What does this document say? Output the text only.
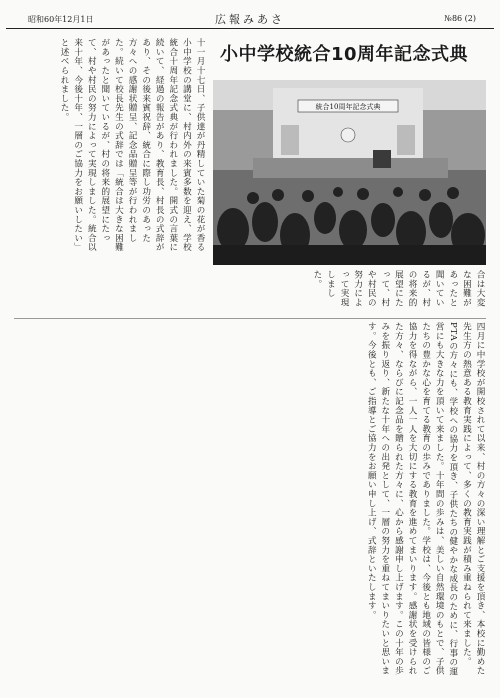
昭和60年12月1日	広報みあさ	№86 (2)
小中学校統合10周年記念式典
統合10周年記念式典
十一月十七日、子供達が丹精していた菊の花が香る小中学校の講堂に、村内外の来賓多数を迎え、学校統合十周年記念式典が行われました。開式の言葉に続いて、経過の報告があり、教育長、村長の式辞があり、その後来賓祝辞、統合に際し功労のあった方々への感謝状贈呈、記念品贈呈等が行われました。続いて校長先生の式辞では「統合は大きな困難があったと聞いているが、村の将来的展望にたって、村や村民の努力によって実現しました。統合以来十年、今後十年、一層のご協力をお願いしたい」と述べられました。
合は大変な困難があったと聞いているが、村の将来的展望にたって、村や村民の努力によって実現しました。
四月に中学校が開校されて以来、村の方々の深い理解とご支援を頂き、本校に勤めた先生方の熱意ある教育実践によって、多くの教育実践が積み重ねられて来ました。PTAの方々にも、学校への協力を頂き、子供たちの健やかな成長のために、行事の運営にも大きな力を頂いて来ました。十年間の歩みは、美しい自然環境のもとで、子供たちの豊かな心を育てる教育の歩みでありました。学校は、今後とも地域の皆様のご協力を得ながら、一人一人を大切にする教育を進めてまいります。感謝状を受けられた方々、ならびに記念品を贈られた方々に、心から感謝申し上げます。この十年の歩みを振り返り、新たな十年への出発として、一層の努力を重ねてまいりたいと思います。今後とも、ご指導とご協力をお願い申し上げ、式辞といたします。
